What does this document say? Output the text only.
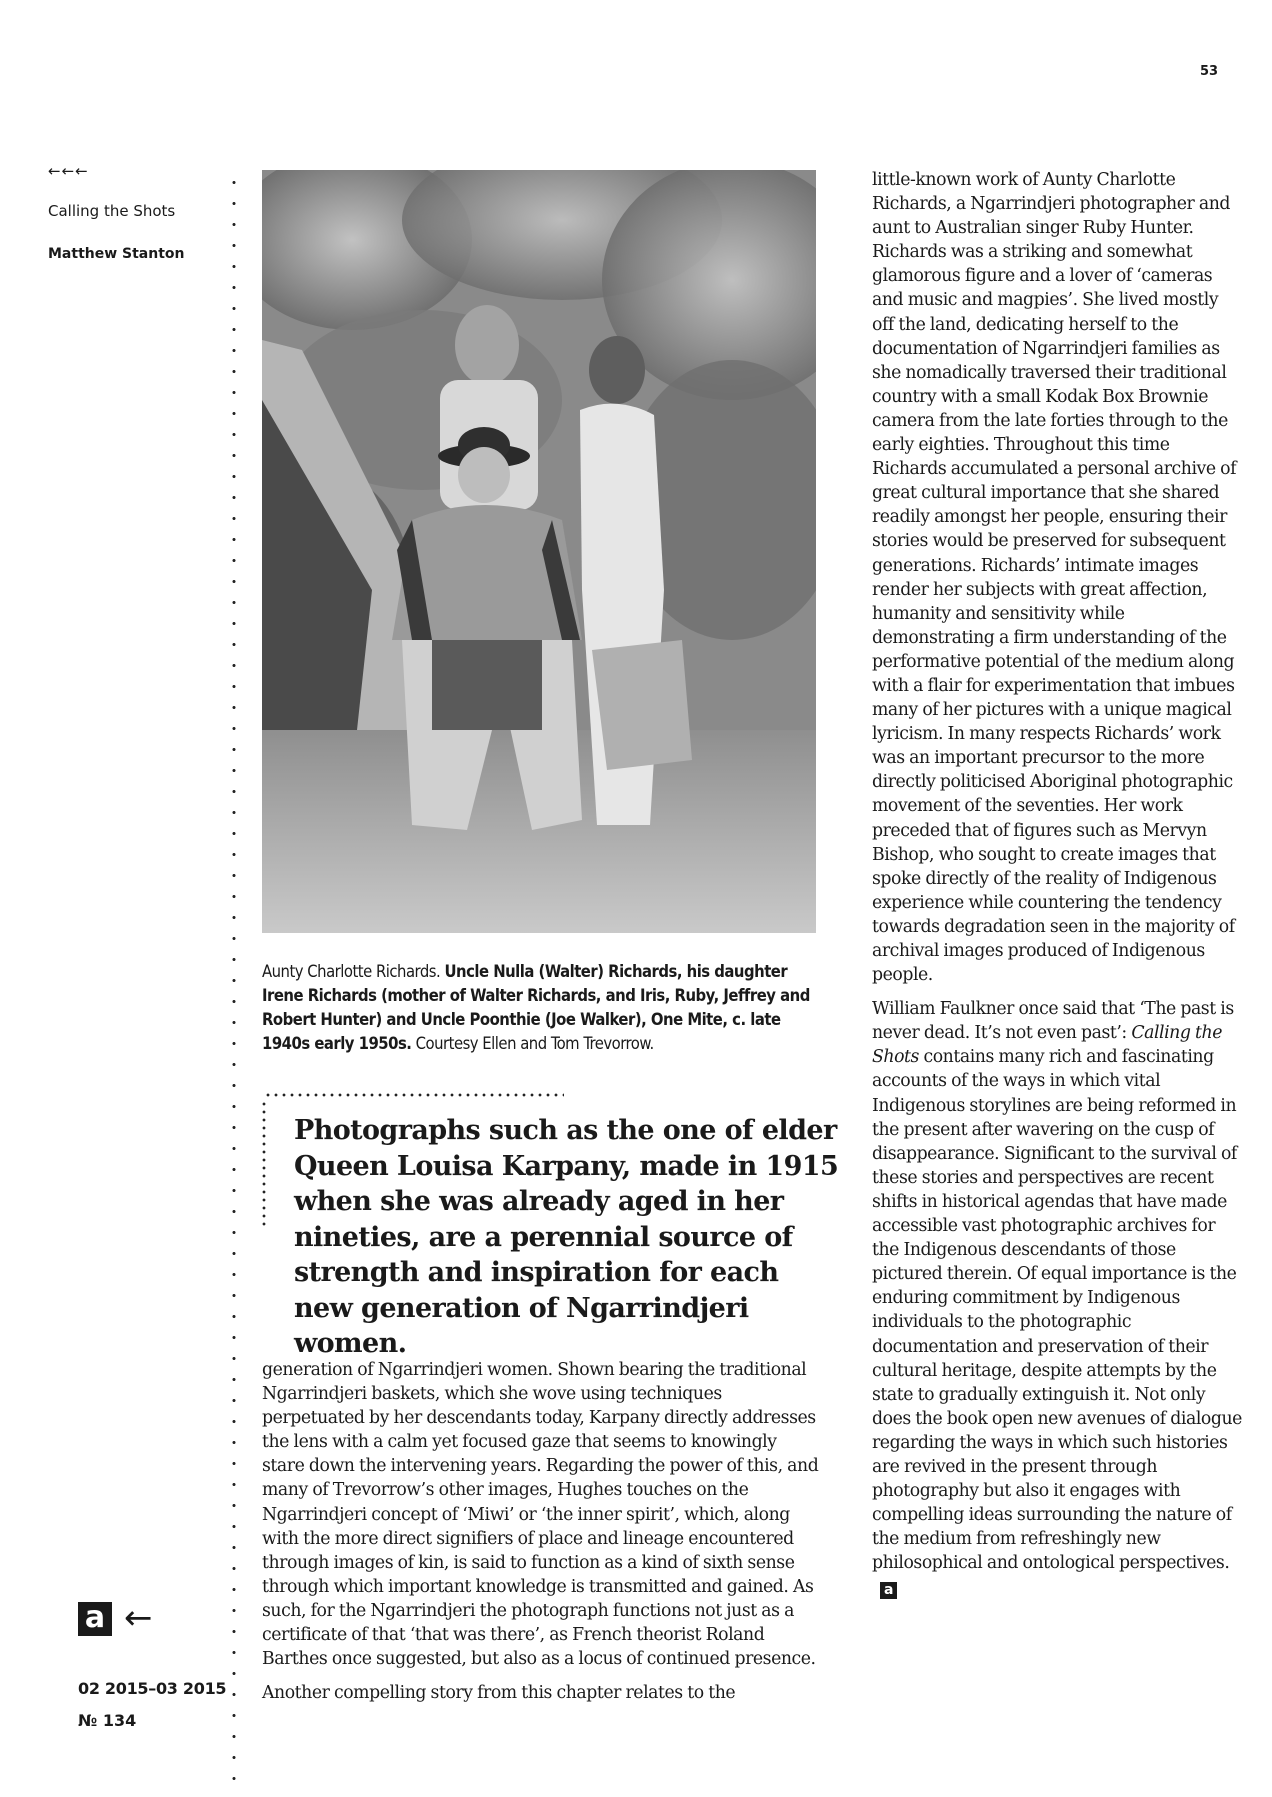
53
←←←
Calling the Shots
Matthew Stanton
Aunty Charlotte Richards. Uncle Nulla (Walter) Richards, his daughter Irene Richards (mother of Walter Richards, and Iris, Ruby, Jeffrey and Robert Hunter) and Uncle Poonthie (Joe Walker), One Mite, c. late 1940s early 1950s. Courtesy Ellen and Tom Trevorrow.
Photographs such as the one of elder Queen Louisa Karpany, made in 1915 when she was already aged in her nineties, are a perennial source of strength and inspiration for each new generation of Ngarrindjeri women.

generation of Ngarrindjeri women. Shown bearing the traditional Ngarrindjeri baskets, which she wove using techniques perpetuated by her descendants today, Karpany directly addresses the lens with a calm yet focused gaze that seems to knowingly stare down the intervening years. Regarding the power of this, and many of Trevorrow’s other images, Hughes touches on the Ngarrindjeri concept of ‘Miwi’ or ‘the inner spirit’, which, along with the more direct signifiers of place and lineage encountered through images of kin, is said to function as a kind of sixth sense through which important knowledge is transmitted and gained. As such, for the Ngarrindjeri the photograph functions not just as a certificate of that ‘that was there’, as French theorist Roland Barthes once suggested, but also as a locus of continued presence.

Another compelling story from this chapter relates to the

little-known work of Aunty Charlotte Richards, a Ngarrindjeri photographer and aunt to Australian singer Ruby Hunter. Richards was a striking and somewhat glamorous figure and a lover of ‘cameras and music and magpies’. She lived mostly off the land, dedicating herself to the documentation of Ngarrindjeri families as she nomadically traversed their traditional country with a small Kodak Box Brownie camera from the late forties through to the early eighties. Throughout this time Richards accumulated a personal archive of great cultural importance that she shared readily amongst her people, ensuring their stories would be preserved for subsequent generations. Richards’ intimate images render her subjects with great affection, humanity and sensitivity while demonstrating a firm understanding of the performative potential of the medium along with a flair for experimentation that imbues many of her pictures with a unique magical lyricism. In many respects Richards’ work was an important precursor to the more directly politicised Aboriginal photographic movement of the seventies. Her work preceded that of figures such as Mervyn Bishop, who sought to create images that spoke directly of the reality of Indigenous experience while countering the tendency towards degradation seen in the majority of archival images produced of Indigenous people.

William Faulkner once said that ‘The past is never dead. It’s not even past’: Calling the Shots contains many rich and fascinating accounts of the ways in which vital Indigenous storylines are being reformed in the present after wavering on the cusp of disappearance. Significant to the survival of these stories and perspectives are recent shifts in historical agendas that have made accessible vast photographic archives for the Indigenous descendants of those pictured therein. Of equal importance is the enduring commitment by Indigenous individuals to the photographic documentation and preservation of their cultural heritage, despite attempts by the state to gradually extinguish it. Not only does the book open new avenues of dialogue regarding the ways in which such histories are revived in the present through photography but also it engages with compelling ideas surrounding the nature of the medium from refreshingly new philosophical and ontological perspectives.a

a ←
02 2015–03 2015
№ 134
